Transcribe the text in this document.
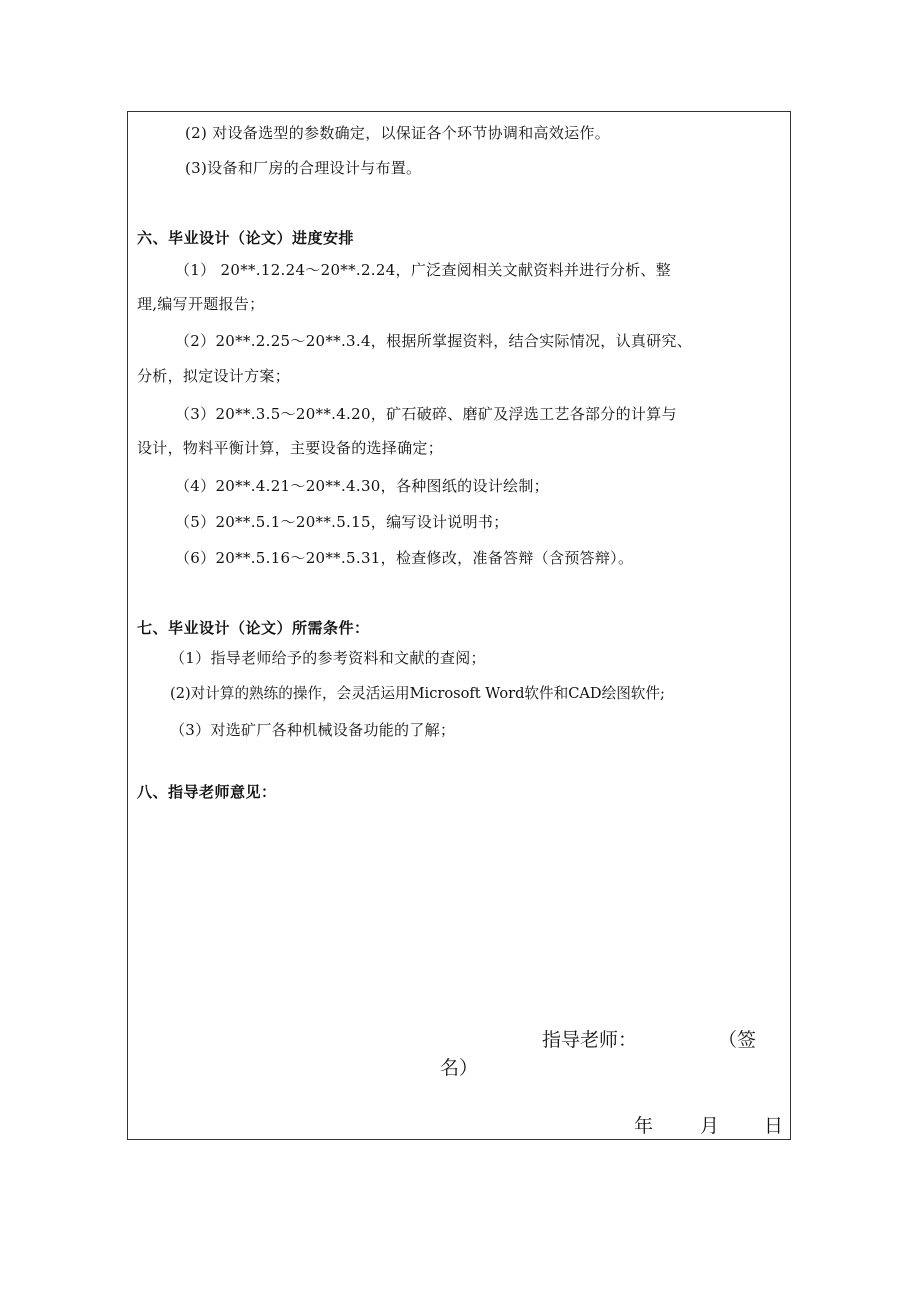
(2) 对设备选型的参数确定，以保证各个环节协调和高效运作。
(3)设备和厂房的合理设计与布置。
六、毕业设计（论文）进度安排
（1） 20**.12.24～20**.2.24，广泛查阅相关文献资料并进行分析、整
理,编写开题报告；
（2）20**.2.25～20**.3.4，根据所掌握资料，结合实际情况，认真研究、
分析，拟定设计方案；
（3）20**.3.5～20**.4.20，矿石破碎、磨矿及浮选工艺各部分的计算与
设计，物料平衡计算，主要设备的选择确定；
（4）20**.4.21～20**.4.30，各种图纸的设计绘制；
（5）20**.5.1～20**.5.15，编写设计说明书；
（6）20**.5.16～20**.5.31，检查修改，准备答辩（含预答辩）。
七、毕业设计（论文）所需条件：
（1）指导老师给予的参考资料和文献的查阅；
(2)对计算的熟练的操作，会灵活运用Microsoft Word软件和CAD绘图软件;
（3）对选矿厂各种机械设备功能的了解；
八、指导老师意见：
指导老师：	（签
名）
年 月 日
